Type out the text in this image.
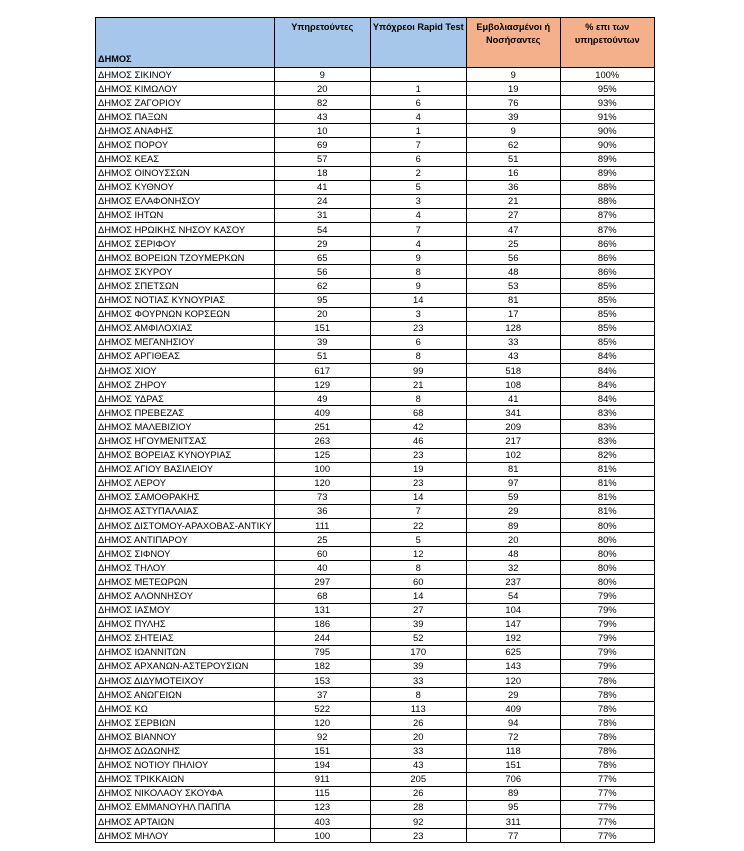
ΔΗΜΟΣ	Υπηρετούντες	Υπόχρεοι Rapid Test	Εμβολιασμένοι ή Νοσήσαντες	% επι των υπηρετούντων
ΔΗΜΟΣ ΣΙΚΙΝΟΥ	9		9	100%
ΔΗΜΟΣ ΚΙΜΩΛΟΥ	20	1	19	95%
ΔΗΜΟΣ ΖΑΓΟΡΙΟΥ	82	6	76	93%
ΔΗΜΟΣ ΠΑΞΩΝ	43	4	39	91%
ΔΗΜΟΣ ΑΝΑΦΗΣ	10	1	9	90%
ΔΗΜΟΣ ΠΟΡΟΥ	69	7	62	90%
ΔΗΜΟΣ ΚΕΑΣ	57	6	51	89%
ΔΗΜΟΣ ΟΙΝΟΥΣΣΩΝ	18	2	16	89%
ΔΗΜΟΣ ΚΥΘΝΟΥ	41	5	36	88%
ΔΗΜΟΣ ΕΛΑΦΟΝΗΣΟΥ	24	3	21	88%
ΔΗΜΟΣ ΙΗΤΩΝ	31	4	27	87%
ΔΗΜΟΣ ΗΡΩΙΚΗΣ ΝΗΣΟΥ ΚΑΣΟΥ	54	7	47	87%
ΔΗΜΟΣ ΣΕΡΙΦΟΥ	29	4	25	86%
ΔΗΜΟΣ ΒΟΡΕΙΩΝ ΤΖΟΥΜΕΡΚΩΝ	65	9	56	86%
ΔΗΜΟΣ ΣΚΥΡΟΥ	56	8	48	86%
ΔΗΜΟΣ ΣΠΕΤΣΩΝ	62	9	53	85%
ΔΗΜΟΣ ΝΟΤΙΑΣ ΚΥΝΟΥΡΙΑΣ	95	14	81	85%
ΔΗΜΟΣ ΦΟΥΡΝΩΝ ΚΟΡΣΕΩΝ	20	3	17	85%
ΔΗΜΟΣ ΑΜΦΙΛΟΧΙΑΣ	151	23	128	85%
ΔΗΜΟΣ ΜΕΓΑΝΗΣΙΟΥ	39	6	33	85%
ΔΗΜΟΣ ΑΡΓΙΘΕΑΣ	51	8	43	84%
ΔΗΜΟΣ ΧΙΟΥ	617	99	518	84%
ΔΗΜΟΣ ΖΗΡΟΥ	129	21	108	84%
ΔΗΜΟΣ ΥΔΡΑΣ	49	8	41	84%
ΔΗΜΟΣ ΠΡΕΒΕΖΑΣ	409	68	341	83%
ΔΗΜΟΣ ΜΑΛΕΒΙΖΙΟΥ	251	42	209	83%
ΔΗΜΟΣ ΗΓΟΥΜΕΝΙΤΣΑΣ	263	46	217	83%
ΔΗΜΟΣ ΒΟΡΕΙΑΣ ΚΥΝΟΥΡΙΑΣ	125	23	102	82%
ΔΗΜΟΣ ΑΓΙΟΥ ΒΑΣΙΛΕΙΟΥ	100	19	81	81%
ΔΗΜΟΣ ΛΕΡΟΥ	120	23	97	81%
ΔΗΜΟΣ ΣΑΜΟΘΡΑΚΗΣ	73	14	59	81%
ΔΗΜΟΣ ΑΣΤΥΠΑΛΑΙΑΣ	36	7	29	81%
ΔΗΜΟΣ ΔΙΣΤΟΜΟΥ-ΑΡΑΧΟΒΑΣ-ΑΝΤΙΚΥ	111	22	89	80%
ΔΗΜΟΣ ΑΝΤΙΠΑΡΟΥ	25	5	20	80%
ΔΗΜΟΣ ΣΙΦΝΟΥ	60	12	48	80%
ΔΗΜΟΣ ΤΗΛΟΥ	40	8	32	80%
ΔΗΜΟΣ ΜΕΤΕΩΡΩΝ	297	60	237	80%
ΔΗΜΟΣ ΑΛΟΝΝΗΣΟΥ	68	14	54	79%
ΔΗΜΟΣ ΙΑΣΜΟΥ	131	27	104	79%
ΔΗΜΟΣ ΠΥΛΗΣ	186	39	147	79%
ΔΗΜΟΣ ΣΗΤΕΙΑΣ	244	52	192	79%
ΔΗΜΟΣ ΙΩΑΝΝΙΤΩΝ	795	170	625	79%
ΔΗΜΟΣ ΑΡΧΑΝΩΝ-ΑΣΤΕΡΟΥΣΙΩΝ	182	39	143	79%
ΔΗΜΟΣ ΔΙΔΥΜΟΤΕΙΧΟΥ	153	33	120	78%
ΔΗΜΟΣ ΑΝΩΓΕΙΩΝ	37	8	29	78%
ΔΗΜΟΣ ΚΩ	522	113	409	78%
ΔΗΜΟΣ ΣΕΡΒΙΩΝ	120	26	94	78%
ΔΗΜΟΣ ΒΙΑΝΝΟΥ	92	20	72	78%
ΔΗΜΟΣ ΔΩΔΩΝΗΣ	151	33	118	78%
ΔΗΜΟΣ ΝΟΤΙΟΥ ΠΗΛΙΟΥ	194	43	151	78%
ΔΗΜΟΣ ΤΡΙΚΚΑΙΩΝ	911	205	706	77%
ΔΗΜΟΣ ΝΙΚΟΛΑΟΥ ΣΚΟΥΦΑ	115	26	89	77%
ΔΗΜΟΣ ΕΜΜΑΝΟΥΗΛ ΠΑΠΠΑ	123	28	95	77%
ΔΗΜΟΣ ΑΡΤΑΙΩΝ	403	92	311	77%
ΔΗΜΟΣ ΜΗΛΟΥ	100	23	77	77%
